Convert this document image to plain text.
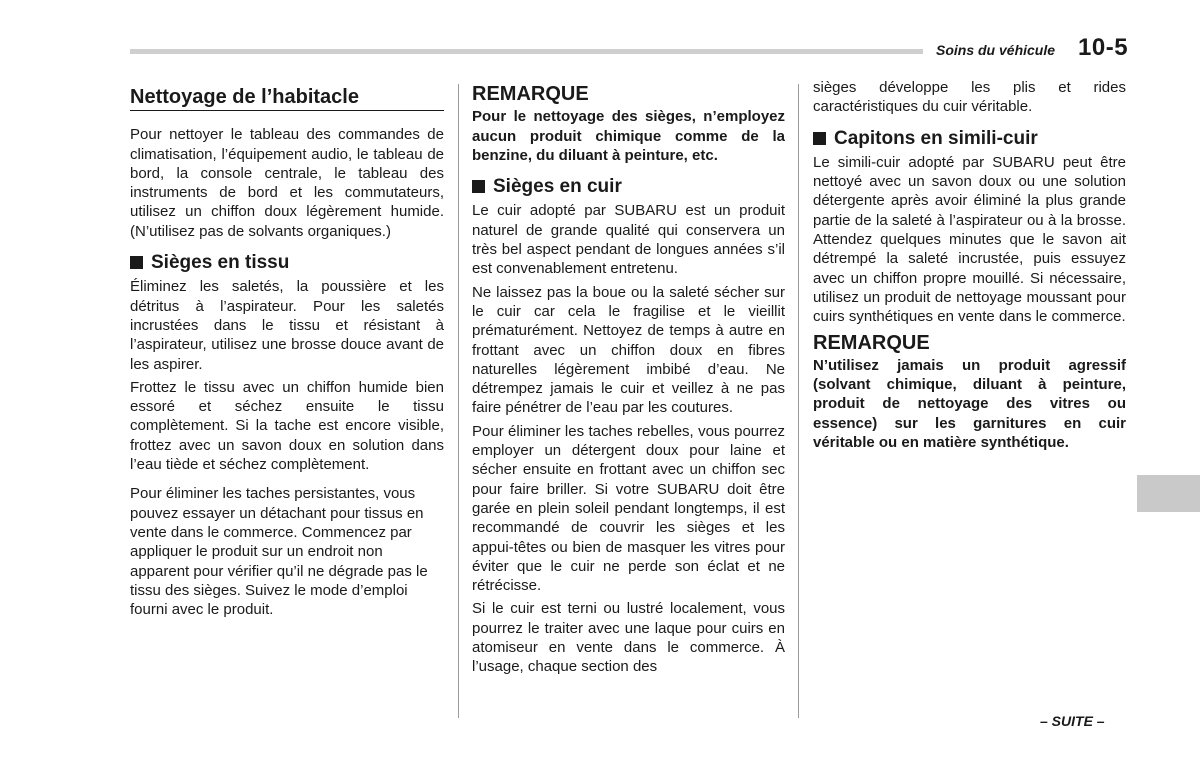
Soins du véhicule 10-5
Nettoyage de l’habitacle

Pour nettoyer le tableau des commandes de climatisation, l’équipement audio, le tableau de bord, la console centrale, le tableau des instruments de bord et les commutateurs, utilisez un chiffon doux légèrement humide. (N’utilisez pas de solvants organiques.)

Sièges en tissu

Éliminez les saletés, la poussière et les détritus à l’aspirateur. Pour les saletés incrustées dans le tissu et résistant à l’aspirateur, utilisez une brosse douce avant de les aspirer.

Frottez le tissu avec un chiffon humide bien essoré et séchez ensuite le tissu complètement. Si la tache est encore visible, frottez avec un savon doux en solution dans l’eau tiède et séchez complètement.

Pour éliminer les taches persistantes, vous pouvez essayer un détachant pour tissus en vente dans le commerce. Commencez par appliquer le produit sur un endroit non apparent pour vérifier qu’il ne dégrade pas le tissu des sièges. Suivez le mode d’emploi fourni avec le produit.

REMARQUE

Pour le nettoyage des sièges, n’employez aucun produit chimique comme de la benzine, du diluant à peinture, etc.

Sièges en cuir

Le cuir adopté par SUBARU est un produit naturel de grande qualité qui conservera un très bel aspect pendant de longues années s’il est convenablement entretenu.

Ne laissez pas la boue ou la saleté sécher sur le cuir car cela le fragilise et le vieillit prématurément. Nettoyez de temps à autre en frottant avec un chiffon doux en fibres naturelles légèrement imbibé d’eau. Ne détrempez jamais le cuir et veillez à ne pas faire pénétrer de l’eau par les coutures.

Pour éliminer les taches rebelles, vous pourrez employer un détergent doux pour laine et sécher ensuite en frottant avec un chiffon sec pour faire briller. Si votre SUBARU doit être garée en plein soleil pendant longtemps, il est recommandé de couvrir les sièges et les appui-têtes ou bien de masquer les vitres pour éviter que le cuir ne perde son éclat et ne rétrécisse.

Si le cuir est terni ou lustré localement, vous pourrez le traiter avec une laque pour cuirs en atomiseur en vente dans le commerce. À l’usage, chaque section des

sièges développe les plis et rides caractéristiques du cuir véritable.

Capitons en simili-cuir

Le simili-cuir adopté par SUBARU peut être nettoyé avec un savon doux ou une solution détergente après avoir éliminé la plus grande partie de la saleté à l’aspirateur ou à la brosse. Attendez quelques minutes que le savon ait détrempé la saleté incrustée, puis essuyez avec un chiffon propre mouillé. Si nécessaire, utilisez un produit de nettoyage moussant pour cuirs synthétiques en vente dans le commerce.

REMARQUE

N’utilisez jamais un produit agressif (solvant chimique, diluant à peinture, produit de nettoyage des vitres ou essence) sur les garnitures en cuir véritable ou en matière synthétique.

– SUITE –
